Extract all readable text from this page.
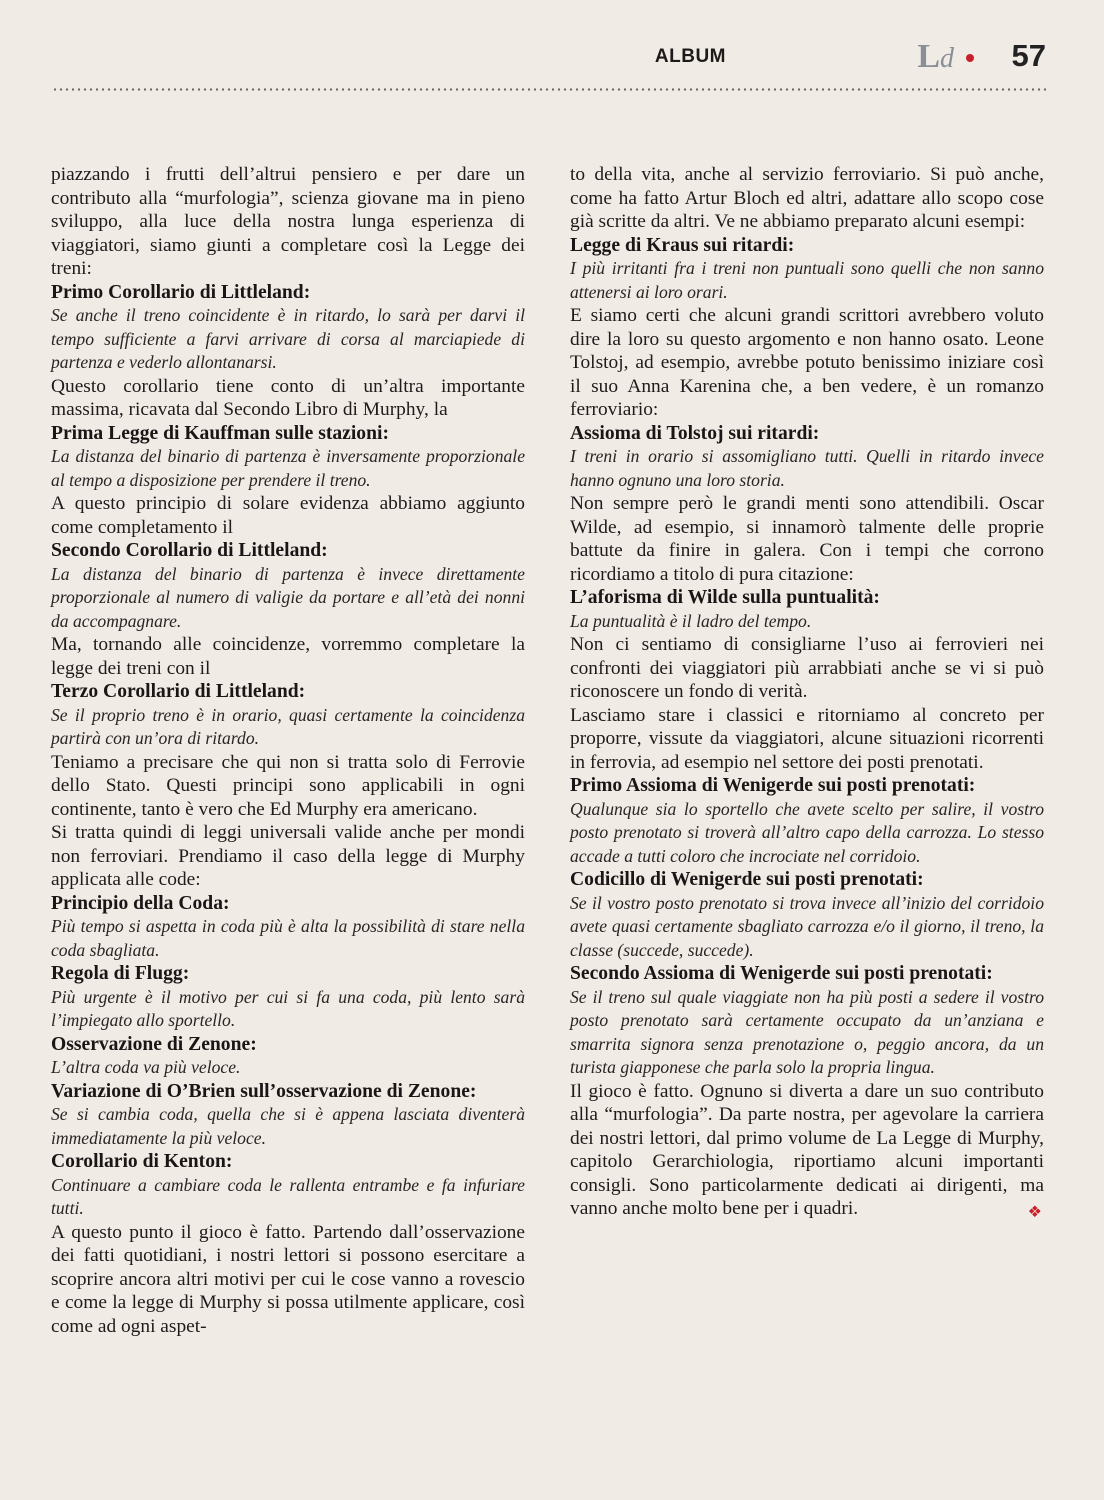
ALBUM	Ld 57

piazzando i frutti dell’altrui pensiero e per dare un contributo alla “murfologia”, scienza giovane ma in pieno sviluppo, alla luce della nostra lunga esperienza di viaggiatori, siamo giunti a completare così la Legge dei treni:

Primo Corollario di Littleland:

Se anche il treno coincidente è in ritardo, lo sarà per darvi il tempo sufficiente a farvi arrivare di corsa al marciapiede di partenza e vederlo allontanarsi.

Questo corollario tiene conto di un’altra importante massima, ricavata dal Secondo Libro di Murphy, la

Prima Legge di Kauffman sulle stazioni:

La distanza del binario di partenza è inversamente proporzionale al tempo a disposizione per prendere il treno.

A questo principio di solare evidenza abbiamo aggiunto come completamento il

Secondo Corollario di Littleland:

La distanza del binario di partenza è invece direttamente proporzionale al numero di valigie da portare e all’età dei nonni da accompagnare.

Ma, tornando alle coincidenze, vorremmo completare la legge dei treni con il

Terzo Corollario di Littleland:

Se il proprio treno è in orario, quasi certamente la coincidenza partirà con un’ora di ritardo.

Teniamo a precisare che qui non si tratta solo di Ferrovie dello Stato. Questi principi sono applicabili in ogni continente, tanto è vero che Ed Murphy era americano.

Si tratta quindi di leggi universali valide anche per mondi non ferroviari. Prendiamo il caso della legge di Murphy applicata alle code:

Principio della Coda:

Più tempo si aspetta in coda più è alta la possibilità di stare nella coda sbagliata.

Regola di Flugg:

Più urgente è il motivo per cui si fa una coda, più lento sarà l’impiegato allo sportello.

Osservazione di Zenone:

L’altra coda va più veloce.

Variazione di O’Brien sull’osservazione di Zenone:

Se si cambia coda, quella che si è appena lasciata diventerà immediatamente la più veloce.

Corollario di Kenton:

Continuare a cambiare coda le rallenta entrambe e fa infuriare tutti.

A questo punto il gioco è fatto. Partendo dall’osservazione dei fatti quotidiani, i nostri lettori si possono esercitare a scoprire ancora altri motivi per cui le cose vanno a rovescio e come la legge di Murphy si possa utilmente applicare, così come ad ogni aspet-

to della vita, anche al servizio ferroviario. Si può anche, come ha fatto Artur Bloch ed altri, adattare allo scopo cose già scritte da altri. Ve ne abbiamo preparato alcuni esempi:

Legge di Kraus sui ritardi:

I più irritanti fra i treni non puntuali sono quelli che non sanno attenersi ai loro orari.

E siamo certi che alcuni grandi scrittori avrebbero voluto dire la loro su questo argomento e non hanno osato. Leone Tolstoj, ad esempio, avrebbe potuto benissimo iniziare così il suo Anna Karenina che, a ben vedere, è un romanzo ferroviario:

Assioma di Tolstoj sui ritardi:

I treni in orario si assomigliano tutti. Quelli in ritardo invece hanno ognuno una loro storia.

Non sempre però le grandi menti sono attendibili. Oscar Wilde, ad esempio, si innamorò talmente delle proprie battute da finire in galera. Con i tempi che corrono ricordiamo a titolo di pura citazione:

L’aforisma di Wilde sulla puntualità:

La puntualità è il ladro del tempo.

Non ci sentiamo di consigliarne l’uso ai ferrovieri nei confronti dei viaggiatori più arrabbiati anche se vi si può riconoscere un fondo di verità.

Lasciamo stare i classici e ritorniamo al concreto per proporre, vissute da viaggiatori, alcune situazioni ricorrenti in ferrovia, ad esempio nel settore dei posti prenotati.

Primo Assioma di Wenigerde sui posti prenotati:

Qualunque sia lo sportello che avete scelto per salire, il vostro posto prenotato si troverà all’altro capo della carrozza. Lo stesso accade a tutti coloro che incrociate nel corridoio.

Codicillo di Wenigerde sui posti prenotati:

Se il vostro posto prenotato si trova invece all’inizio del corridoio avete quasi certamente sbagliato carrozza e/o il giorno, il treno, la classe (succede, succede).

Secondo Assioma di Wenigerde sui posti prenotati:

Se il treno sul quale viaggiate non ha più posti a sedere il vostro posto prenotato sarà certamente occupato da un’anziana e smarrita signora senza prenotazione o, peggio ancora, da un turista giapponese che parla solo la propria lingua.

Il gioco è fatto. Ognuno si diverta a dare un suo contributo alla “murfologia”. Da parte nostra, per agevolare la carriera dei nostri lettori, dal primo volume de La Legge di Murphy, capitolo Gerarchiologia, riportiamo alcuni importanti consigli. Sono particolarmente dedicati ai dirigenti, ma vanno anche molto bene per i quadri.	❖
